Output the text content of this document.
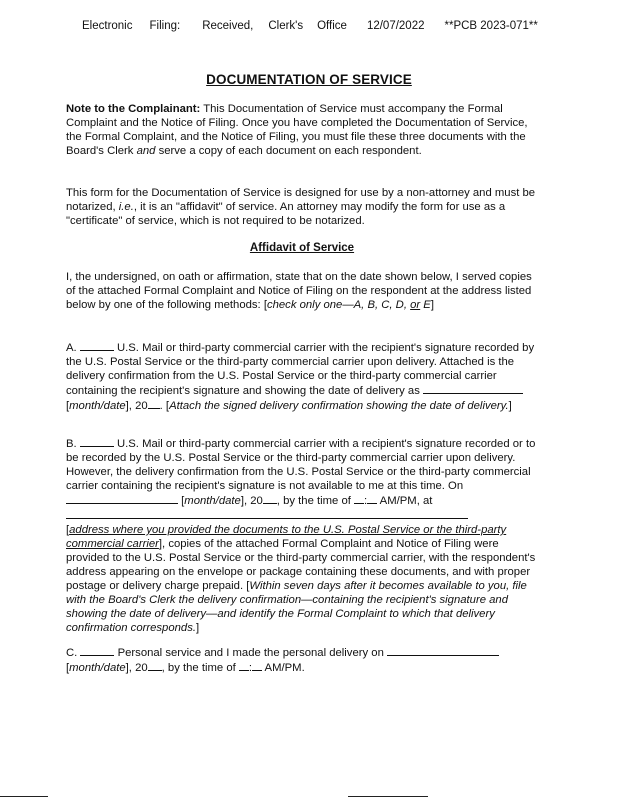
Electronic Filing: Received, Clerk's Office 12/07/2022 **PCB 2023-071**
DOCUMENTATION OF SERVICE
Note to the Complainant: This Documentation of Service must accompany the Formal Complaint and the Notice of Filing. Once you have completed the Documentation of Service, the Formal Complaint, and the Notice of Filing, you must file these three documents with the Board's Clerk and serve a copy of each document on each respondent.
This form for the Documentation of Service is designed for use by a non-attorney and must be notarized, i.e., it is an "affidavit" of service. An attorney may modify the form for use as a "certificate" of service, which is not required to be notarized.
Affidavit of Service
I, the undersigned, on oath or affirmation, state that on the date shown below, I served copies of the attached Formal Complaint and Notice of Filing on the respondent at the address listed below by one of the following methods: [check only one—A, B, C, D, or E]
A.	U.S. Mail or third-party commercial carrier with the recipient's signature recorded by the U.S. Postal Service or the third-party commercial carrier upon delivery. Attached is the delivery confirmation from the U.S. Postal Service or the third-party commercial carrier containing the recipient's signature and showing the date of delivery as  [month/date], 20 . [Attach the signed delivery confirmation showing the date of delivery.]
B.	U.S. Mail or third-party commercial carrier with a recipient's signature recorded or to be recorded by the U.S. Postal Service or the third-party commercial carrier upon delivery. However, the delivery confirmation from the U.S. Postal Service or the third-party commercial carrier containing the recipient's signature is not available to me at this time. On  [month/date], 20 , by the time of : AM/PM, at
[address where you provided the documents to the U.S. Postal Service or the third-party commercial carrier], copies of the attached Formal Complaint and Notice of Filing were provided to the U.S. Postal Service or the third-party commercial carrier, with the respondent's address appearing on the envelope or package containing these documents, and with proper postage or delivery charge prepaid. [Within seven days after it becomes available to you, file with the Board's Clerk the delivery confirmation—containing the recipient's signature and showing the date of delivery—and identify the Formal Complaint to which that delivery confirmation corresponds.]
C.	Personal service and I made the personal delivery on
[month/date], 20 , by the time of : AM/PM.
